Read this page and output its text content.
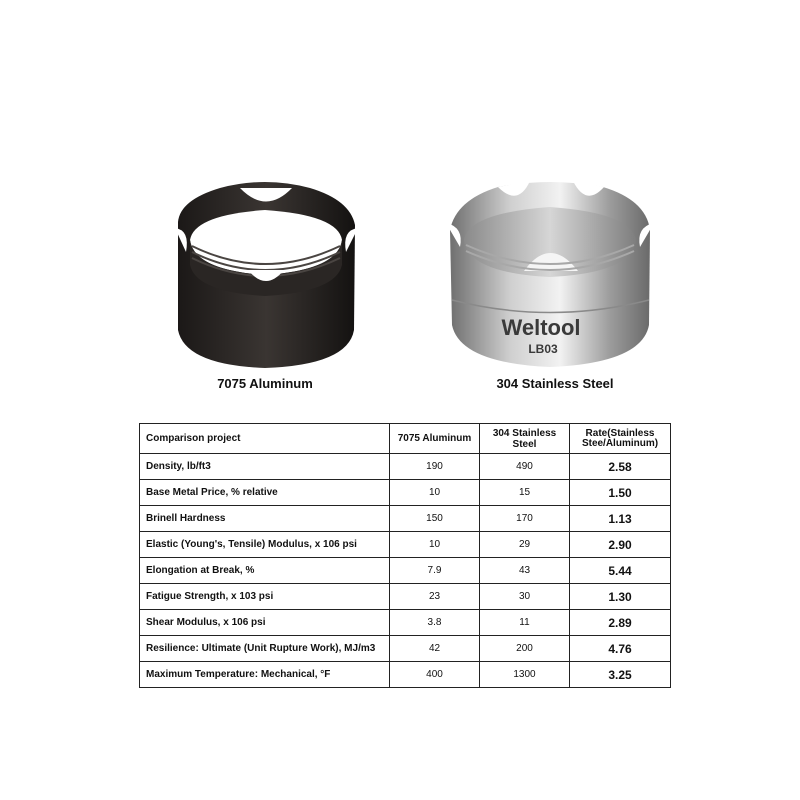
7075 Aluminum
Weltool
LB03
304 Stainless Steel
Comparison project	7075 Aluminum	304 Stainless Steel	Rate(Stainless Stee/Aluminum)
Density, lb/ft3	190	490	2.58
Base Metal Price, % relative	10	15	1.50
Brinell Hardness	150	170	1.13
Elastic (Young's, Tensile) Modulus, x 106 psi	10	29	2.90
Elongation at Break, %	7.9	43	5.44
Fatigue Strength, x 103 psi	23	30	1.30
Shear Modulus, x 106 psi	3.8	11	2.89
Resilience: Ultimate (Unit Rupture Work), MJ/m3	42	200	4.76
Maximum Temperature: Mechanical, °F	400	1300	3.25
